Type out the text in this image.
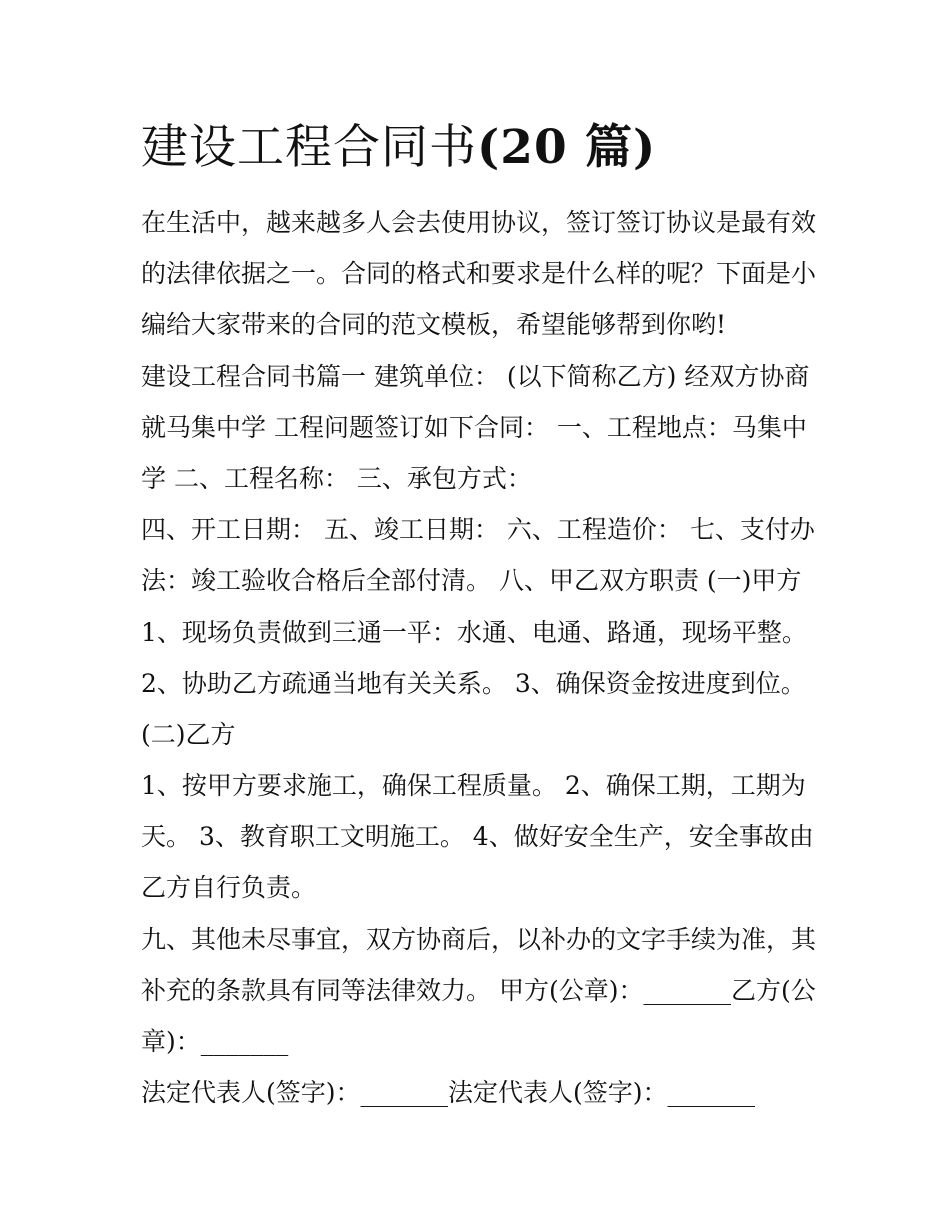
建设工程合同书(20 篇)
在生活中，越来越多人会去使用协议，签订签订协议是最有效
的法律依据之一。合同的格式和要求是什么样的呢？下面是小
编给大家带来的合同的范文模板，希望能够帮到你哟!
建设工程合同书篇一 建筑单位： (以下简称乙方) 经双方协商
就马集中学 工程问题签订如下合同： 一、工程地点：马集中
学 二、工程名称： 三、承包方式：
四、开工日期： 五、竣工日期： 六、工程造价： 七、支付办
法：竣工验收合格后全部付清。 八、甲乙双方职责 (一)甲方
1、现场负责做到三通一平：水通、电通、路通，现场平整。
2、协助乙方疏通当地有关关系。 3、确保资金按进度到位。
(二)乙方
1、按甲方要求施工，确保工程质量。 2、确保工期，工期为
天。 3、教育职工文明施工。 4、做好安全生产，安全事故由
乙方自行负责。
九、其他未尽事宜，双方协商后，以补办的文字手续为准，其
补充的条款具有同等法律效力。 甲方(公章)：_______乙方(公
章)：_______
法定代表人(签字)：_______法定代表人(签字)：_______
